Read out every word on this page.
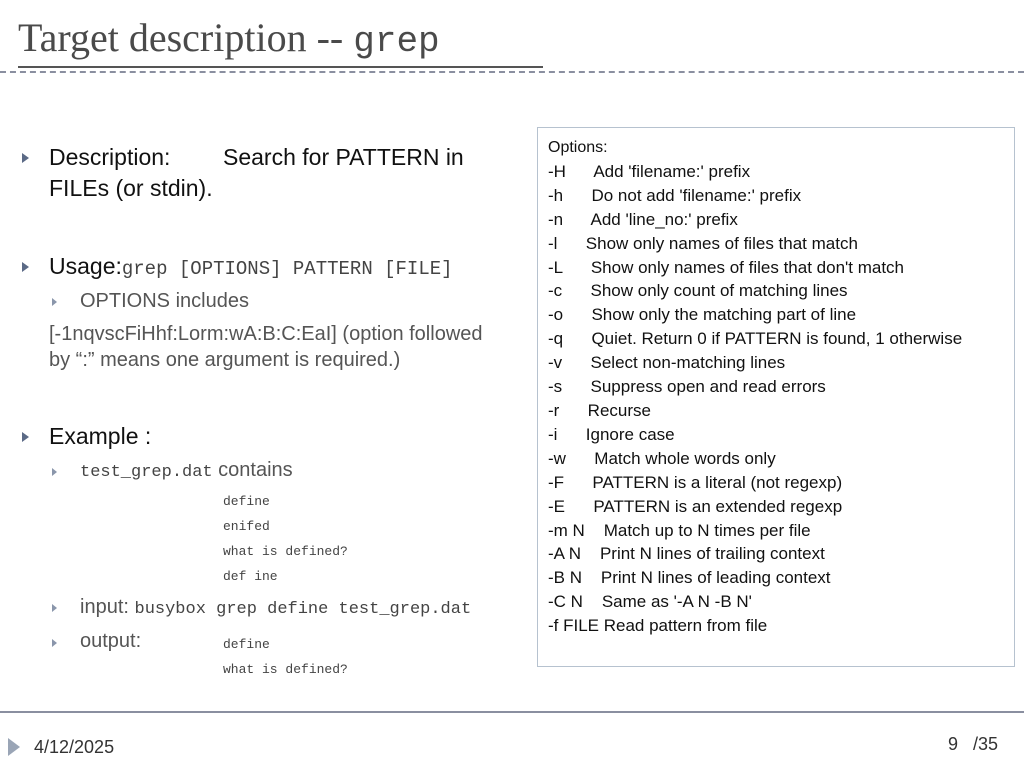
Target description -- grep
Description: Search for PATTERN in
FILEs (or stdin).
Usage:grep [OPTIONS] PATTERN [FILE]
OPTIONS includes
[-1nqvscFiHhf:Lorm:wA:B:C:EaI] (option followed
by “:” means one argument is required.)
Example :
test_grep.dat contains
define
enifed
what is defined?
def ine
input: busybox grep define test_grep.dat
output:	define
what is defined?
Options:
-H      Add 'filename:' prefix
-h      Do not add 'filename:' prefix
-n      Add 'line_no:' prefix
-l      Show only names of files that match
-L      Show only names of files that don't match
-c      Show only count of matching lines
-o      Show only the matching part of line
-q      Quiet. Return 0 if PATTERN is found, 1 otherwise
-v      Select non-matching lines
-s      Suppress open and read errors
-r      Recurse
-i      Ignore case
-w      Match whole words only
-F      PATTERN is a literal (not regexp)
-E      PATTERN is an extended regexp
-m N    Match up to N times per file
-A N    Print N lines of trailing context
-B N    Print N lines of leading context
-C N    Same as '-A N -B N'
-f FILE Read pattern from file
4/12/2025	9 /35
